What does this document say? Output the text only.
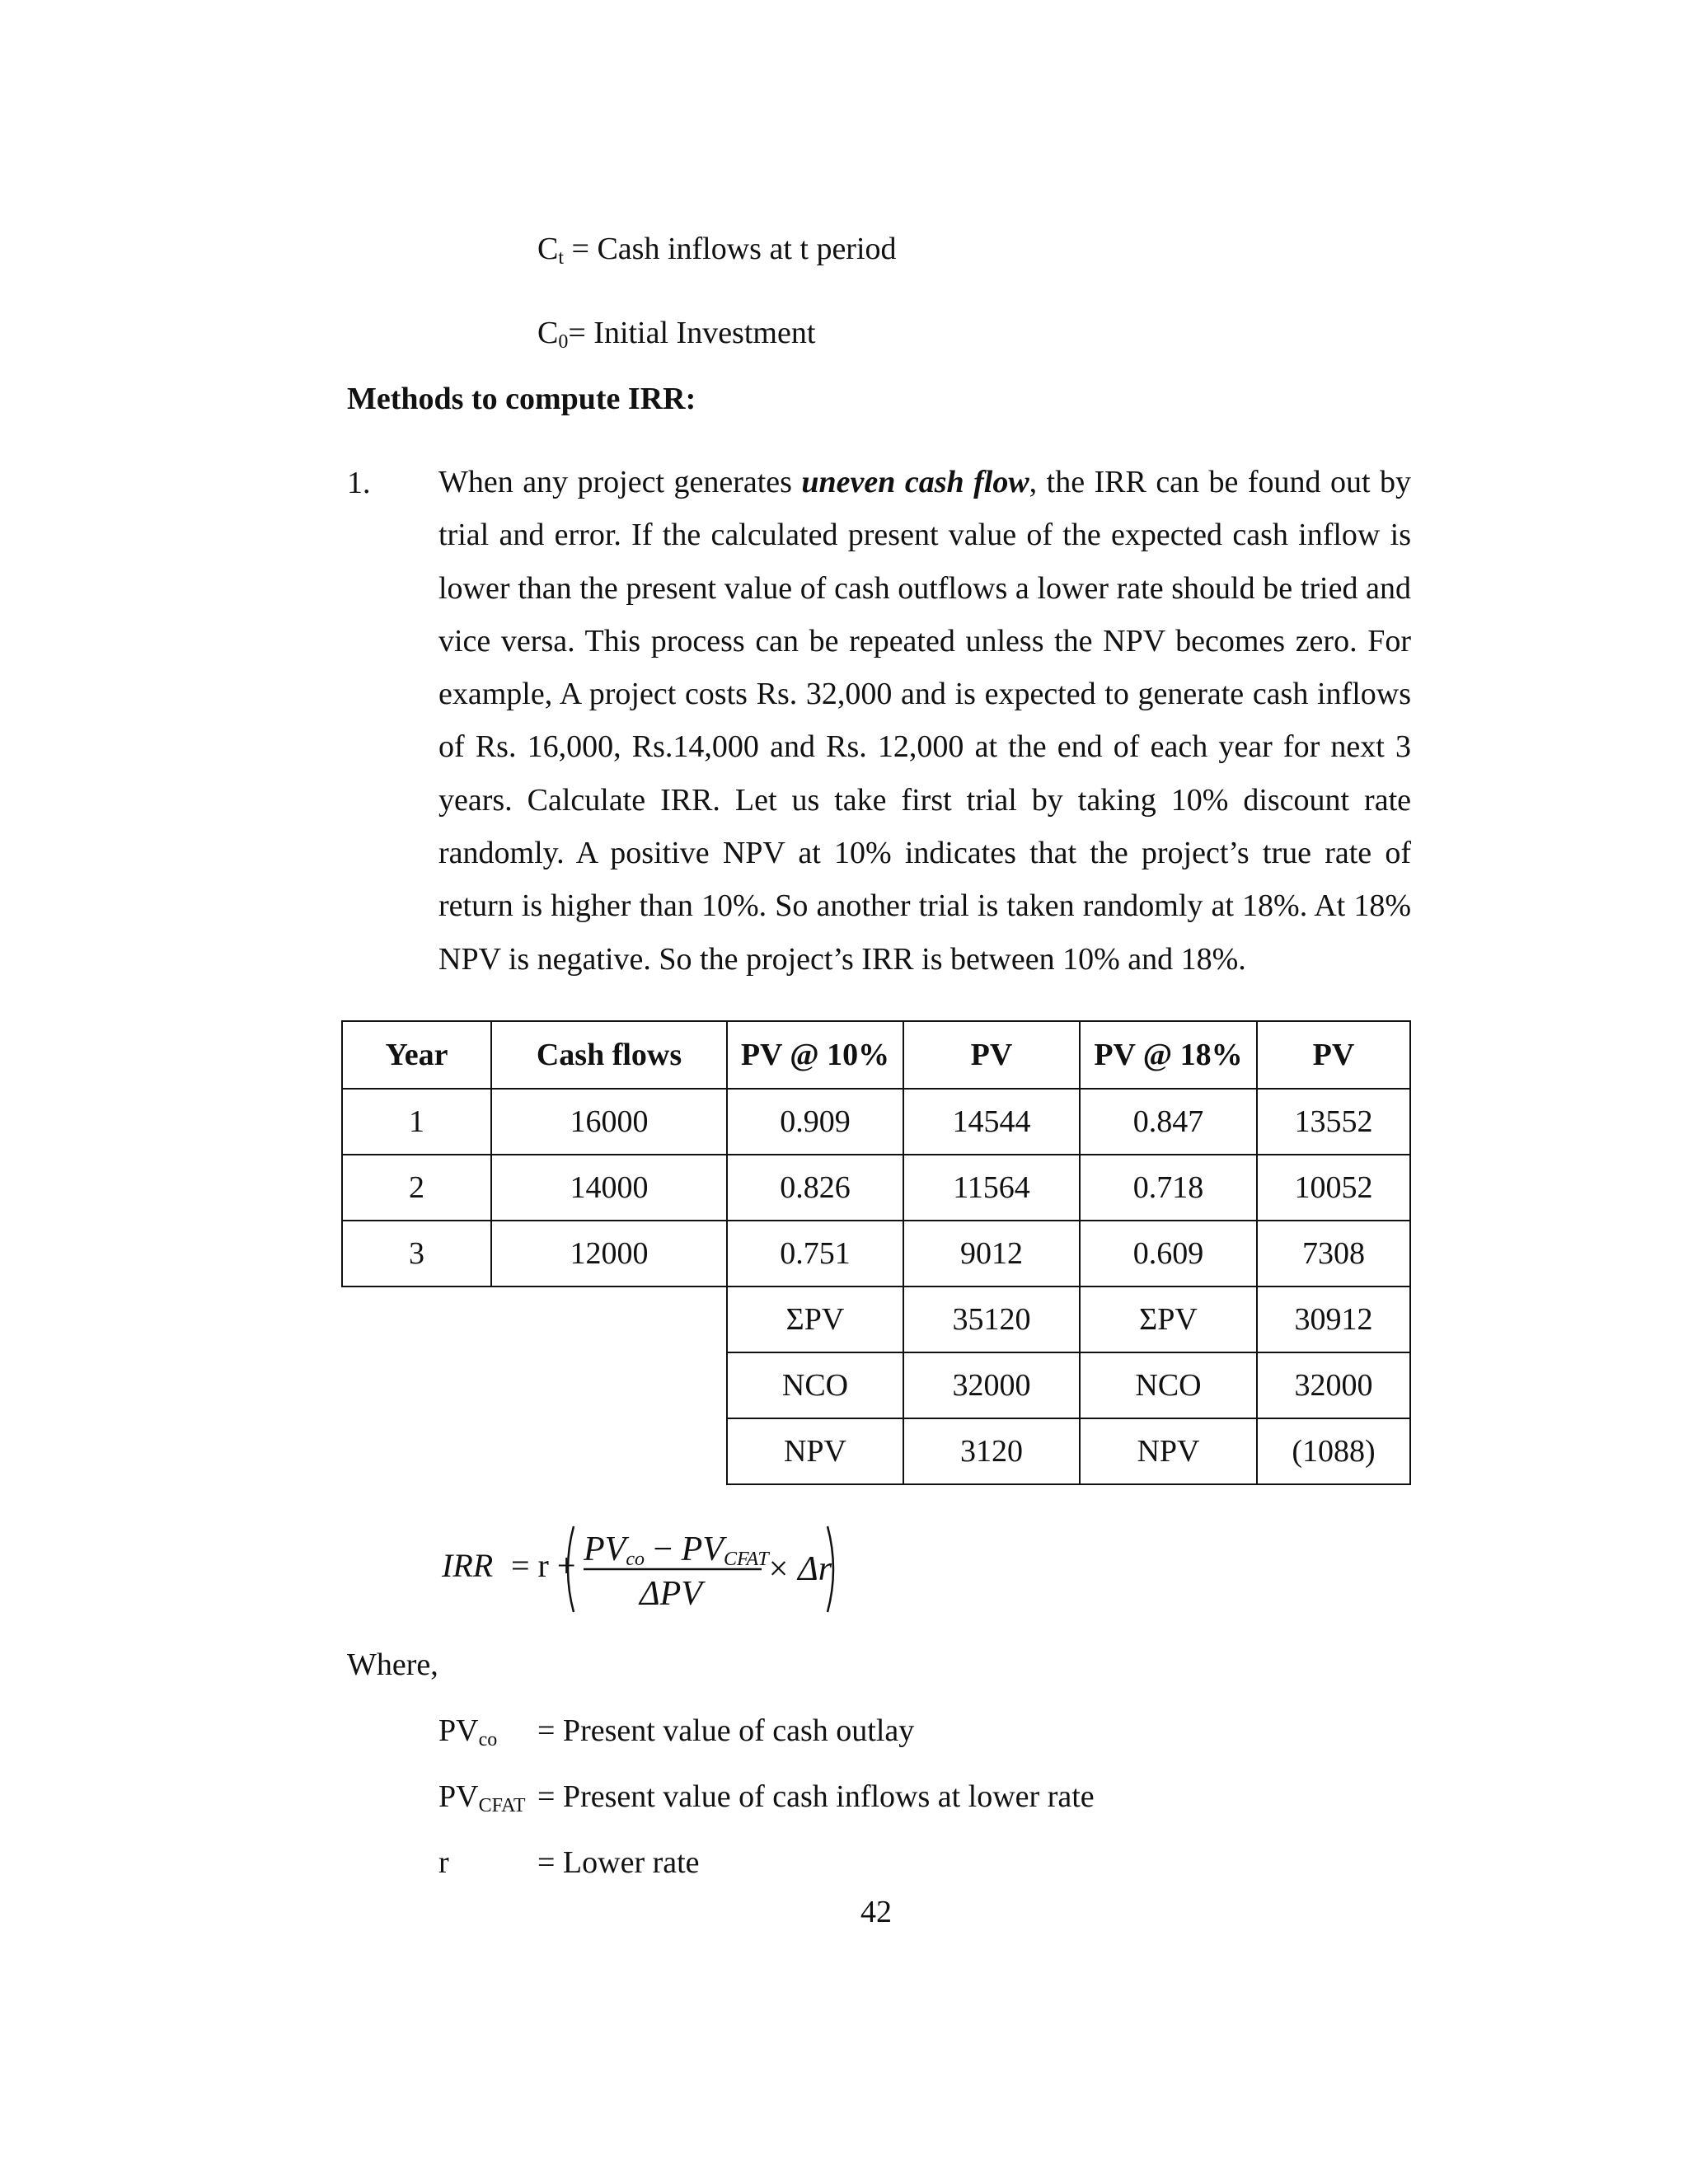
$C_t$ = Cash inflows at t period
$C_0=$ Initial Investment
Methods to compute IRR:
1. When any project generates uneven cash flow, the IRR can be found out by trial and error. If the calculated present value of the expected cash inflow is lower than the present value of cash outflows a lower rate should be tried and vice versa. This process can be repeated unless the NPV becomes zero. For example, A project costs Rs. 32,000 and is expected to generate cash inflows of Rs. 16,000, Rs.14,000 and Rs. 12,000 at the end of each year for next 3 years. Calculate IRR. Let us take first trial by taking 10% discount rate randomly. A positive NPV at 10% indicates that the project’s true rate of return is higher than 10%. So another trial is taken randomly at 18%. At 18% NPV is negative. So the project’s IRR is between 10% and 18%.
Year	Cash flows	PV @ 10%	PV	PV @ 18%	PV
1	16000	0.909	14544	0.847	13552
2	14000	0.826	11564	0.718	10052
3	12000	0.751	9012	0.609	7308
		ΣPV	35120	ΣPV	30912
		NCO	32000	NCO	32000
		NPV	3120	NPV	(1088)
IRR = $r + PV_{co} - PV_{CFAT}$
ΔPV
× Δr
Where,
$PV_{co}$ = Present value of cash outlay
$PV_{CFAT}$ = Present value of cash inflows at lower rate
r	= Lower rate
42
